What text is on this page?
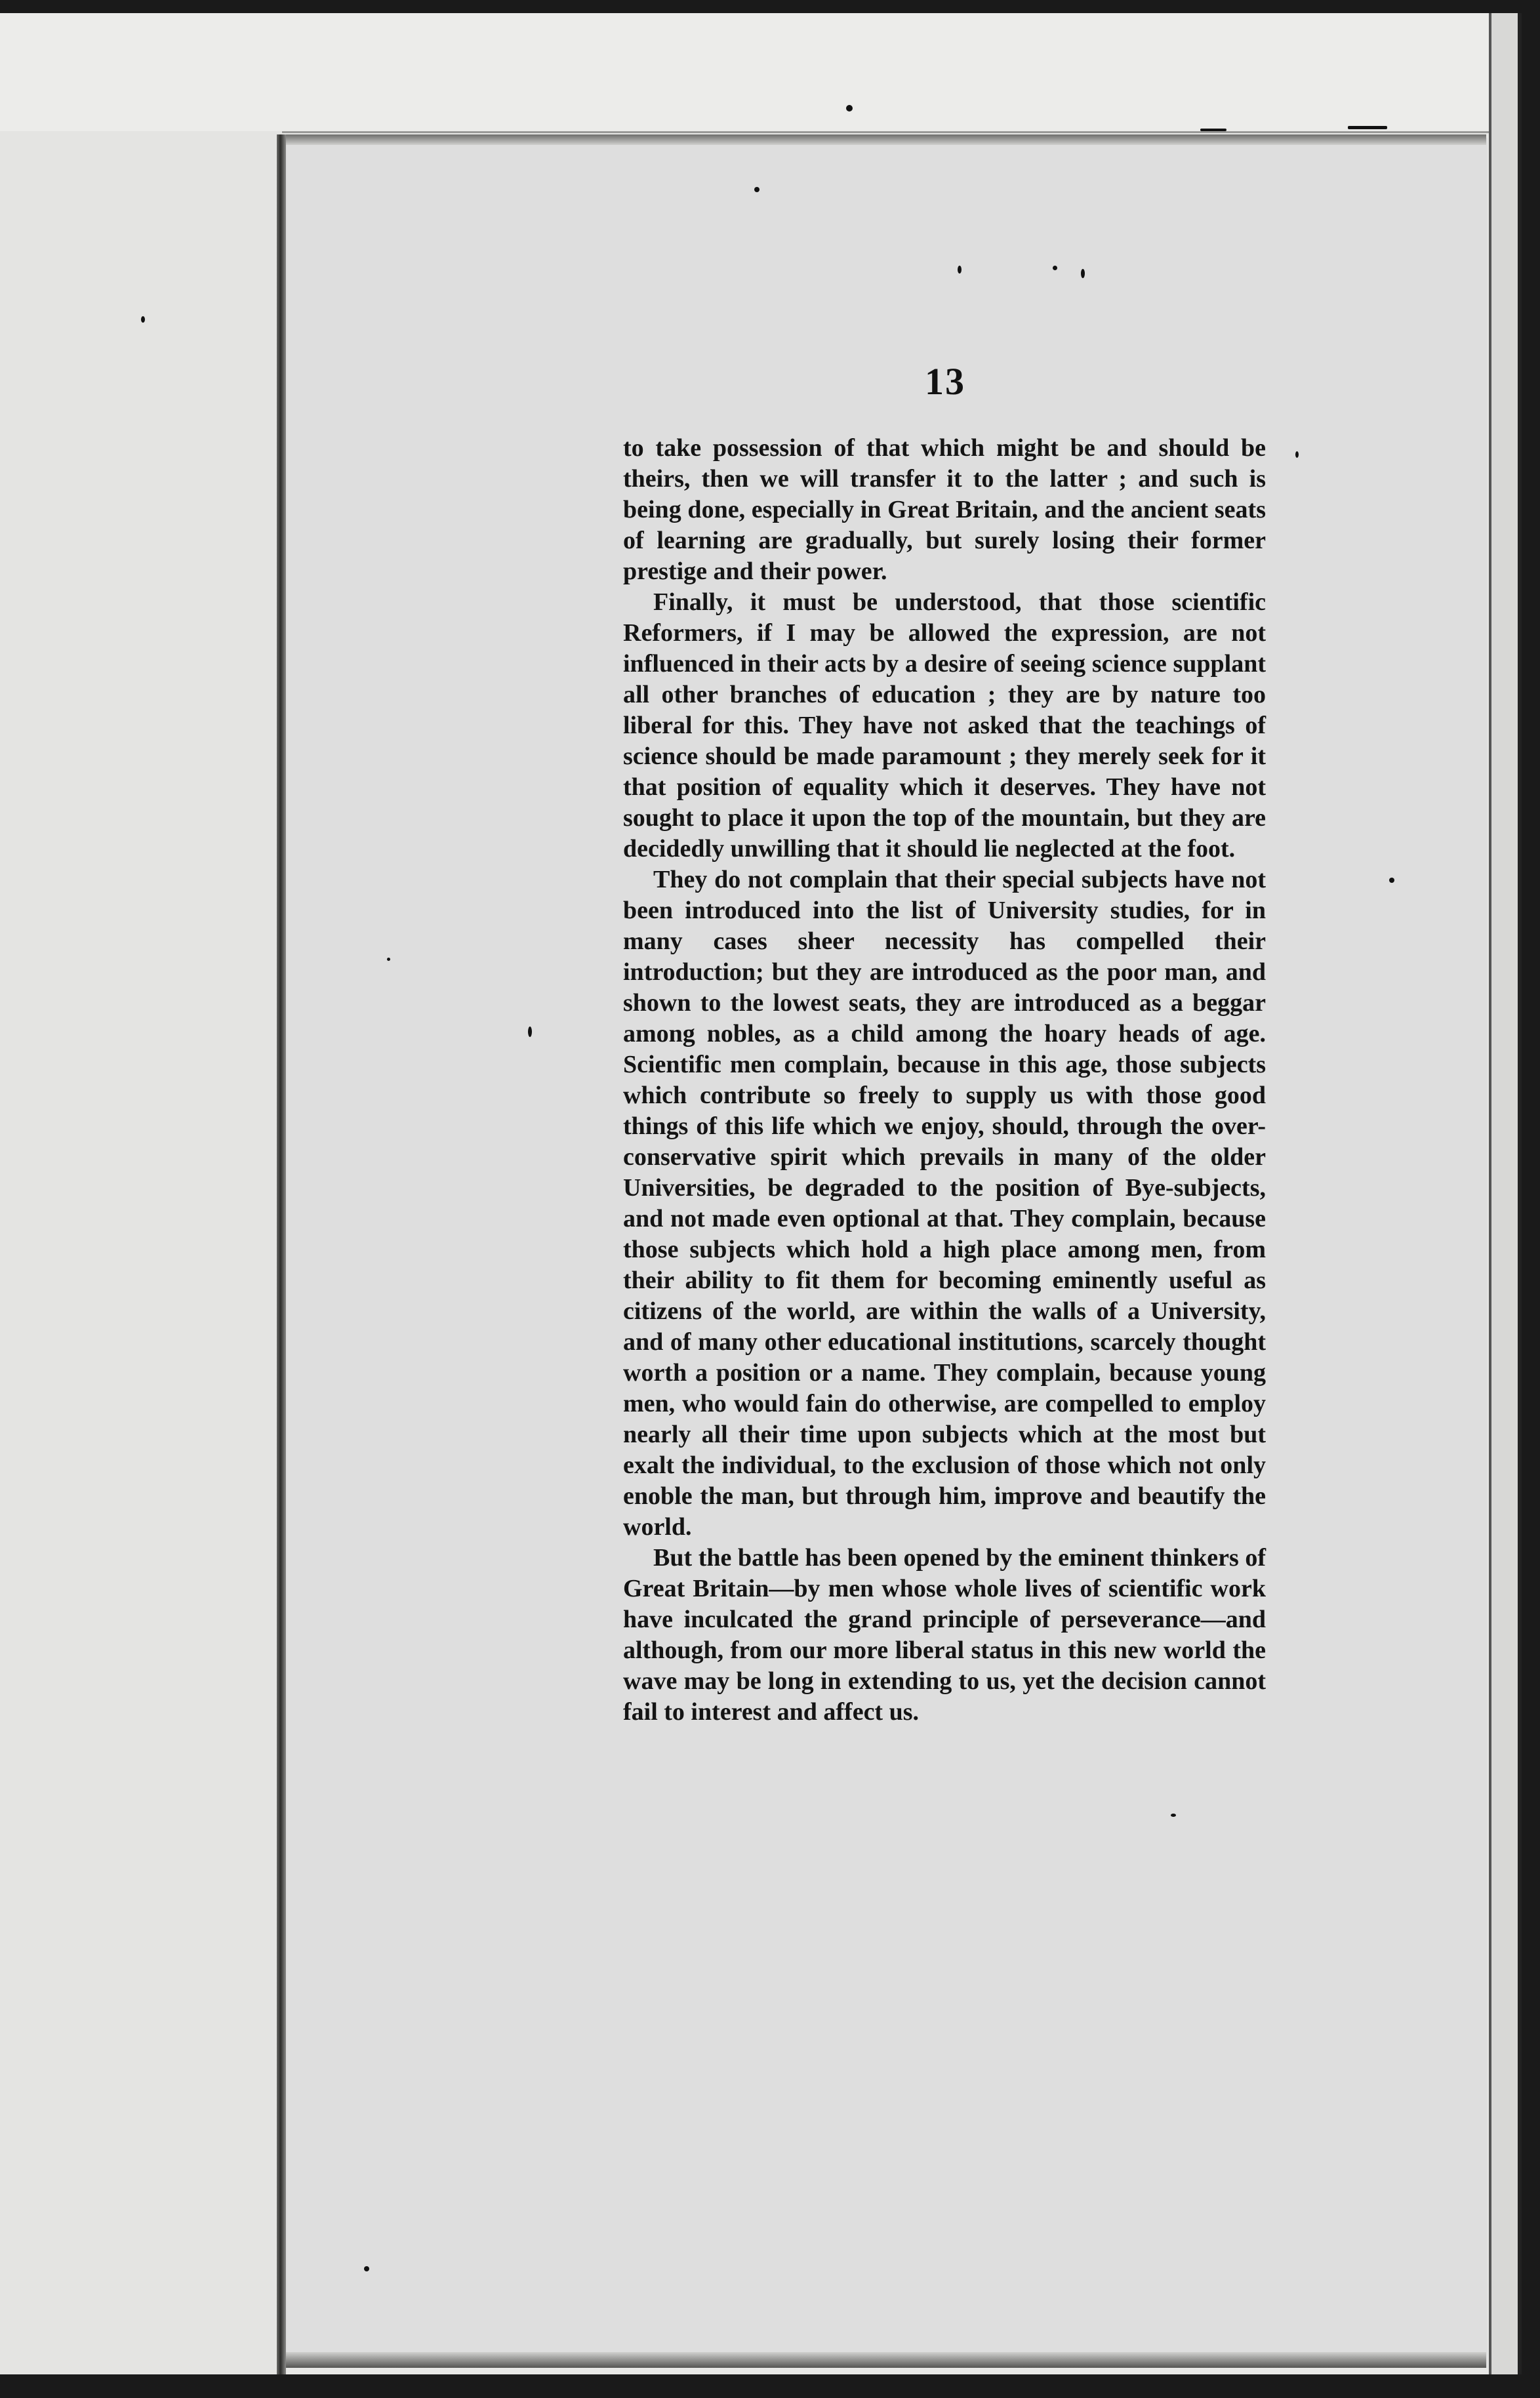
13

to take possession of that which might be and should be theirs, then we will transfer it to the latter ; and such is being done, especially in Great Britain, and the ancient seats of learning are gradually, but surely losing their former prestige and their power.

Finally, it must be understood, that those scientific Reformers, if I may be allowed the expression, are not influenced in their acts by a desire of seeing science supplant all other branches of education ; they are by nature too liberal for this. They have not asked that the teachings of science should be made paramount ; they merely seek for it that position of equality which it deserves. They have not sought to place it upon the top of the mountain, but they are decidedly unwilling that it should lie neglected at the foot.

They do not complain that their special subjects have not been introduced into the list of University studies, for in many cases sheer necessity has compelled their introduction; but they are introduced as the poor man, and shown to the lowest seats, they are introduced as a beggar among nobles, as a child among the hoary heads of age. Scientific men complain, because in this age, those subjects which contribute so freely to supply us with those good things of this life which we enjoy, should, through the over-conservative spirit which prevails in many of the older Universities, be degraded to the position of Bye-subjects, and not made even optional at that. They complain, because those subjects which hold a high place among men, from their ability to fit them for becoming eminently useful as citizens of the world, are within the walls of a University, and of many other educational institutions, scarcely thought worth a position or a name. They complain, because young men, who would fain do otherwise, are compelled to employ nearly all their time upon subjects which at the most but exalt the individual, to the exclusion of those which not only enoble the man, but through him, improve and beautify the world.

But the battle has been opened by the eminent thinkers of Great Britain—by men whose whole lives of scientific work have inculcated the grand principle of perseverance—and although, from our more liberal status in this new world the wave may be long in extending to us, yet the decision cannot fail to interest and affect us.
